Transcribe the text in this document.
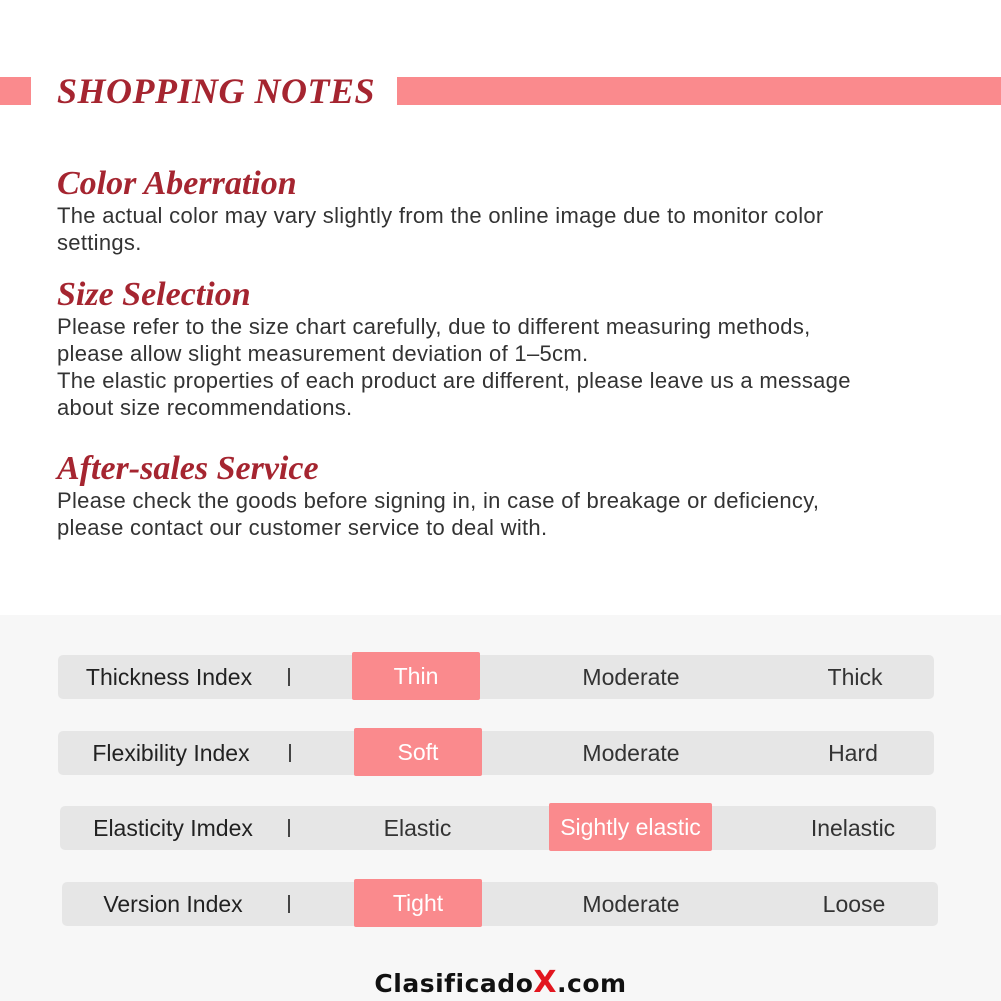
SHOPPING NOTES
Color Aberration

The actual color may vary slightly from the online image due to monitor color

settings.

Size Selection

Please refer to the size chart carefully, due to different measuring methods,

please allow slight measurement deviation of 1–5cm.

The elastic properties of each product are different, please leave us a message

about size recommendations.

After-sales Service

Please check the goods before signing in, in case of breakage or deficiency,

please contact our customer service to deal with.

Thickness Index	Thin	Moderate	Thick
Flexibility Index	Soft	Moderate	Hard
Elasticity Imdex	Elastic	Sightly elastic	Inelastic
Version Index	Tight	Moderate	Loose
ClasificadoX.com
